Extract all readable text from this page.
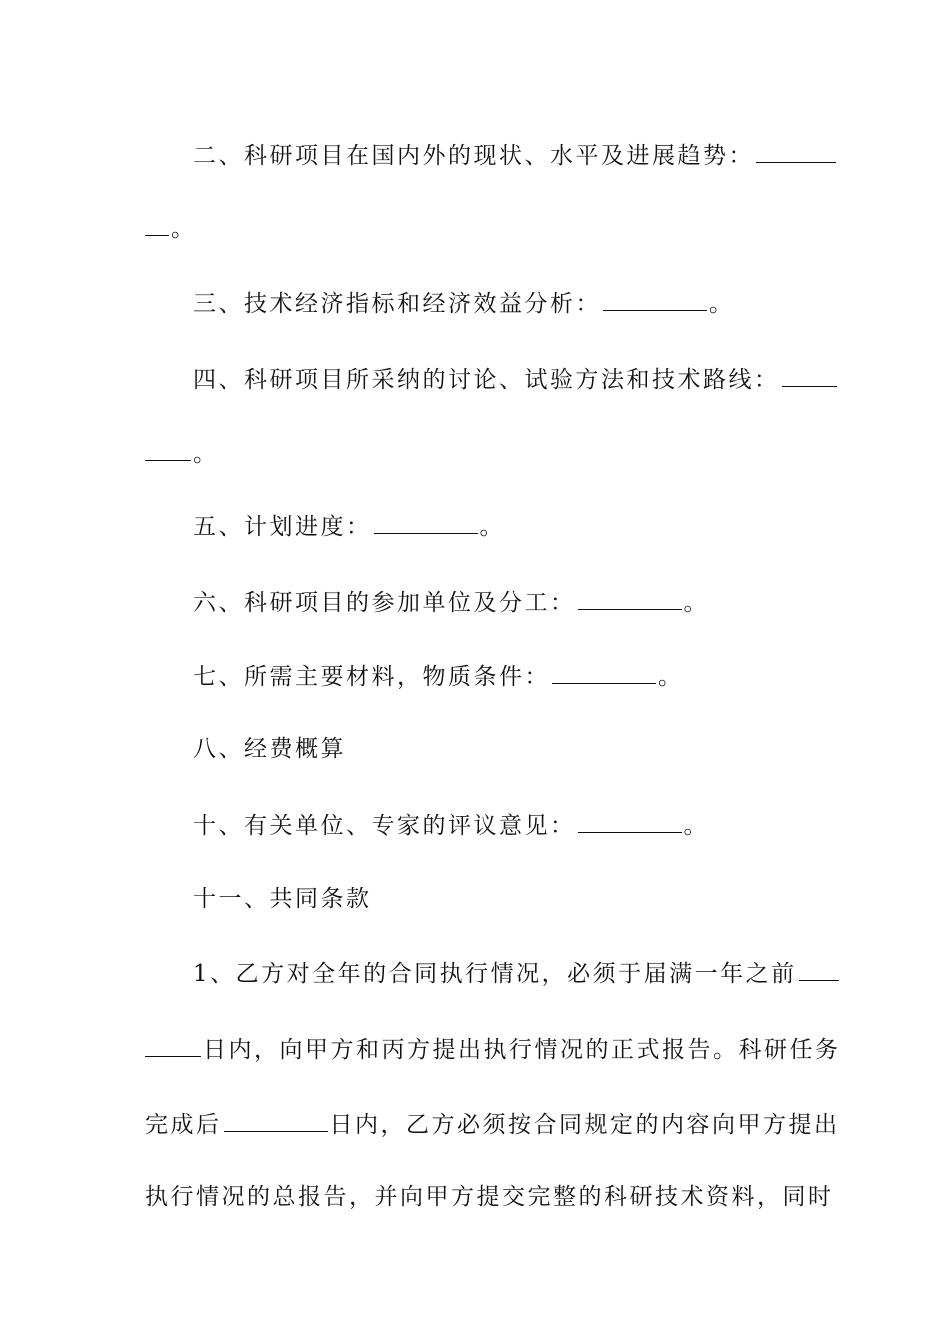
二、科研项目在国内外的现状、水平及进展趋势：
。
三、技术经济指标和经济效益分析：	。
四、科研项目所采纳的讨论、试验方法和技术路线：
。
五、计划进度：	。
六、科研项目的参加单位及分工：	。
七、所需主要材料，物质条件：	。
八、经费概算
十、有关单位、专家的评议意见：	。
十一、共同条款
1、乙方对全年的合同执行情况，必须于届满一年之前
日内，向甲方和丙方提出执行情况的正式报告。科研任务
完成后	日内，乙方必须按合同规定的内容向甲方提出
执行情况的总报告，并向甲方提交完整的科研技术资料，同时
